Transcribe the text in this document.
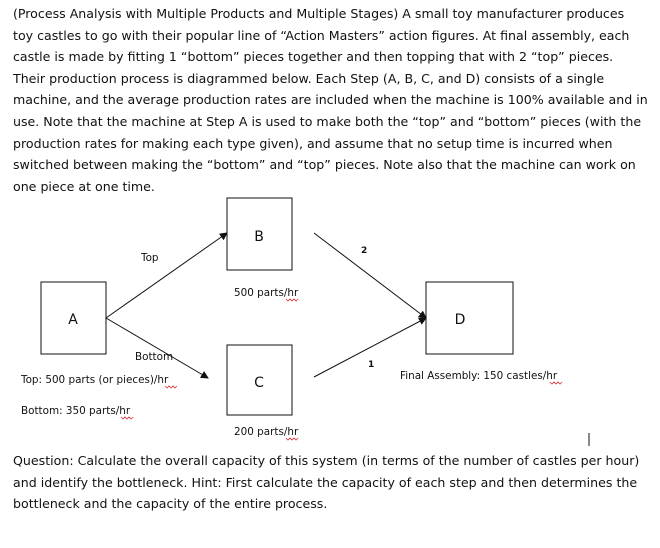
(Process Analysis with Multiple Products and Multiple Stages) A small toy manufacturer produces
toy castles to go with their popular line of “Action Masters” action figures. At final assembly, each
castle is made by fitting 1 “bottom” pieces together and then topping that with 2 “top” pieces.
Their production process is diagrammed below. Each Step (A, B, C, and D) consists of a single
machine, and the average production rates are included when the machine is 100% available and in
use. Note that the machine at Step A is used to make both the “top” and “bottom” pieces (with the
production rates for making each type given), and assume that no setup time is incurred when
switched between making the “bottom” and “top” pieces. Note also that the machine can work on
one piece at one time.
A
B
C
D
Top
Bottom
2
1
500 parts/hr
200 parts/hr
Final Assembly: 150 castles/hr
Top: 500 parts (or pieces)/hr
Bottom: 350 parts/hr
Question: Calculate the overall capacity of this system (in terms of the number of castles per hour)
and identify the bottleneck. Hint: First calculate the capacity of each step and then determines the
bottleneck and the capacity of the entire process.
